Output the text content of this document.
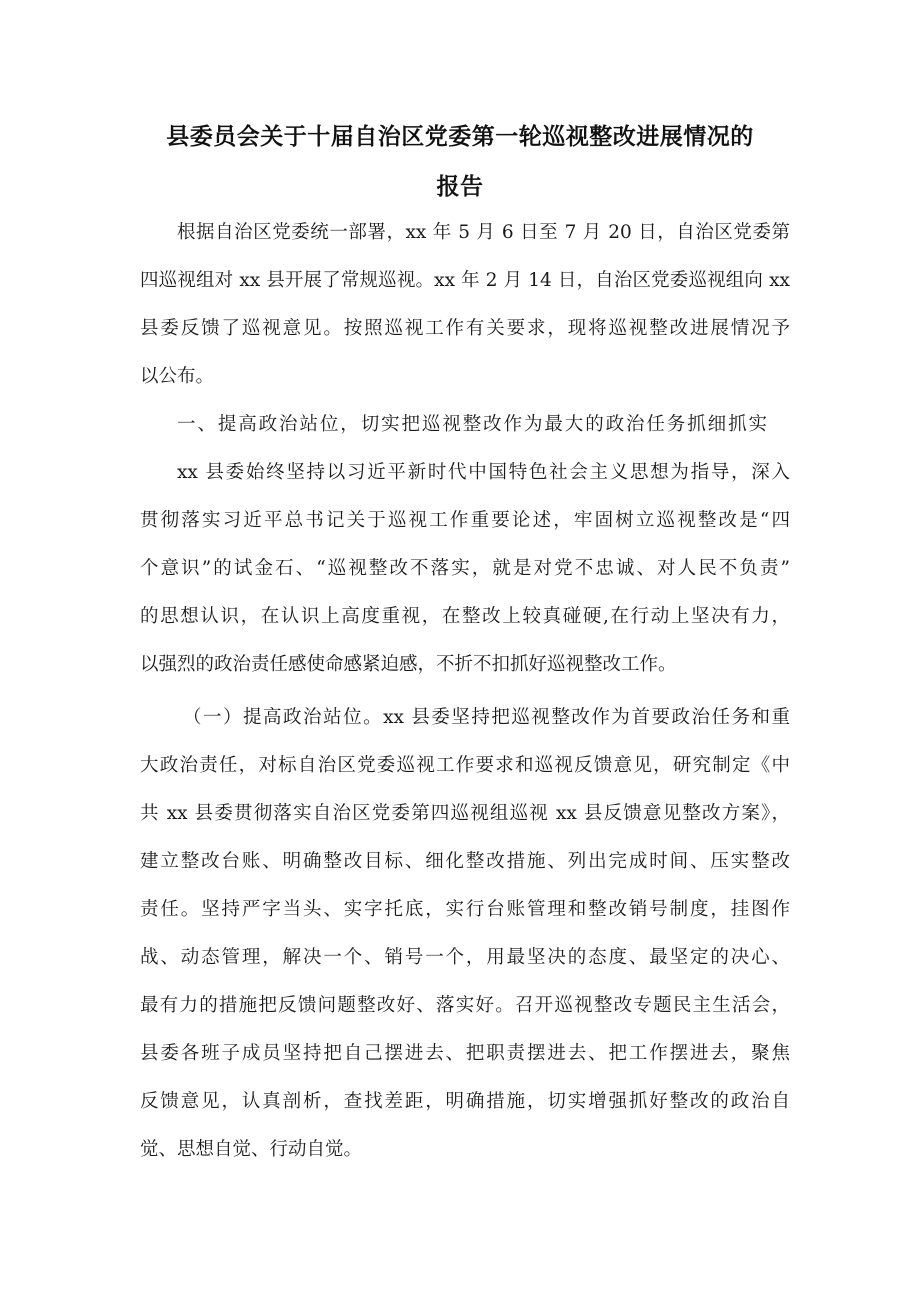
县委员会关于十届自治区党委第一轮巡视整改进展情况的
报告
根据自治区党委统一部署，xx 年 5 月 6 日至 7 月 20 日，自治区党委第
四巡视组对 xx 县开展了常规巡视。xx 年 2 月 14 日，自治区党委巡视组向 xx
县委反馈了巡视意见。按照巡视工作有关要求，现将巡视整改进展情况予
以公布。
一、提高政治站位，切实把巡视整改作为最大的政治任务抓细抓实
xx 县委始终坚持以习近平新时代中国特色社会主义思想为指导，深入
贯彻落实习近平总书记关于巡视工作重要论述，牢固树立巡视整改是“四
个意识”的试金石、“巡视整改不落实，就是对党不忠诚、对人民不负责”
的思想认识，在认识上高度重视，在整改上较真碰硬,在行动上坚决有力，
以强烈的政治责任感使命感紧迫感，不折不扣抓好巡视整改工作。
（一）提高政治站位。xx 县委坚持把巡视整改作为首要政治任务和重
大政治责任，对标自治区党委巡视工作要求和巡视反馈意见，研究制定《中
共 xx 县委贯彻落实自治区党委第四巡视组巡视 xx 县反馈意见整改方案》，
建立整改台账、明确整改目标、细化整改措施、列出完成时间、压实整改
责任。坚持严字当头、实字托底，实行台账管理和整改销号制度，挂图作
战、动态管理，解决一个、销号一个，用最坚决的态度、最坚定的决心、
最有力的措施把反馈问题整改好、落实好。召开巡视整改专题民主生活会，
县委各班子成员坚持把自己摆进去、把职责摆进去、把工作摆进去，聚焦
反馈意见，认真剖析，查找差距，明确措施，切实增强抓好整改的政治自
觉、思想自觉、行动自觉。
